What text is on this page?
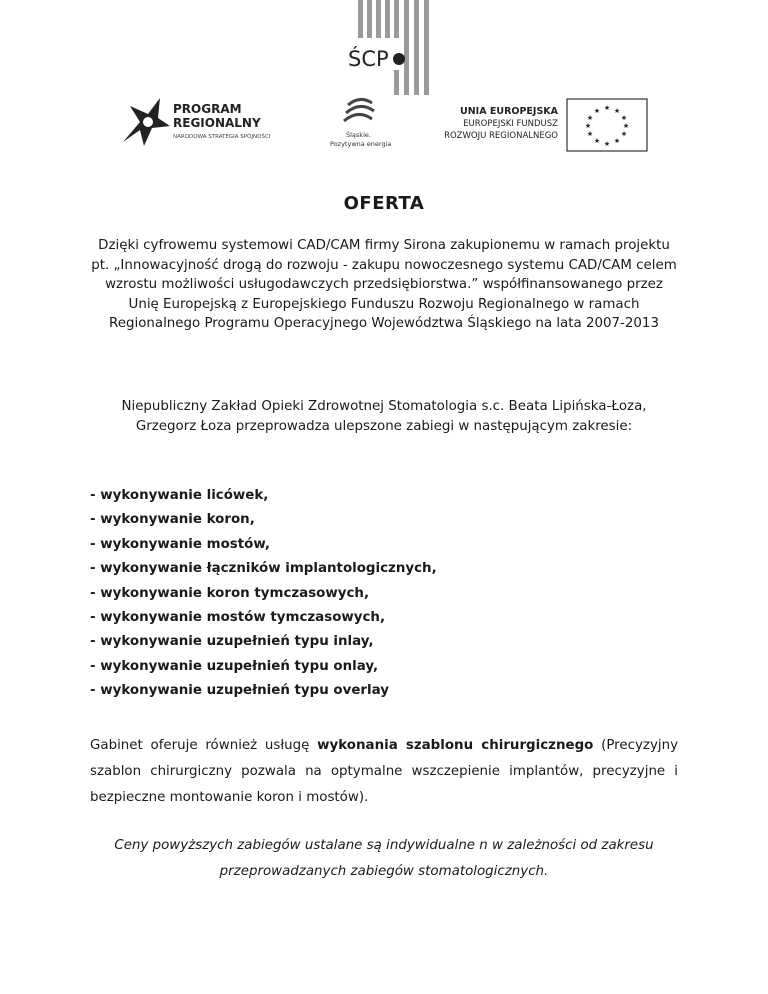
ŚCP
PROGRAM
REGIONALNY
NARODOWA STRATEGIA SPÓJNOŚCI	Śląskie.
Pozytywna energia
UNIA EUROPEJSKA
EUROPEJSKI FUNDUSZ
ROZWOJU REGIONALNEGO
★ ★
★
★
★
★
★
★
★
★
★
★
OFERTA

Dzięki cyfrowemu systemowi CAD/CAM firmy Sirona zakupionemu w ramach projektu pt. „Innowacyjność drogą do rozwoju - zakupu nowoczesnego systemu CAD/CAM celem wzrostu możliwości usługodawczych przedsiębiorstwa.” współfinansowanego przez Unię Europejską z Europejskiego Funduszu Rozwoju Regionalnego w ramach Regionalnego Programu Operacyjnego Województwa Śląskiego na lata 2007-2013

Niepubliczny Zakład Opieki Zdrowotnej Stomatologia s.c. Beata Lipińska-Łoza, Grzegorz Łoza przeprowadza ulepszone zabiegi w następującym zakresie:

- wykonywanie licówek,
- wykonywanie koron,
- wykonywanie mostów,
- wykonywanie łączników implantologicznych,
- wykonywanie koron tymczasowych,
- wykonywanie mostów tymczasowych,
- wykonywanie uzupełnień typu inlay,
- wykonywanie uzupełnień typu onlay,
- wykonywanie uzupełnień typu overlay

Gabinet oferuje również usługę wykonania szablonu chirurgicznego (Precyzyjny szablon chirurgiczny pozwala na optymalne wszczepienie implantów, precyzyjne i bezpieczne montowanie koron i mostów).

Ceny powyższych zabiegów ustalane są indywidualne n w zależności od zakresu przeprowadzanych zabiegów stomatologicznych.
